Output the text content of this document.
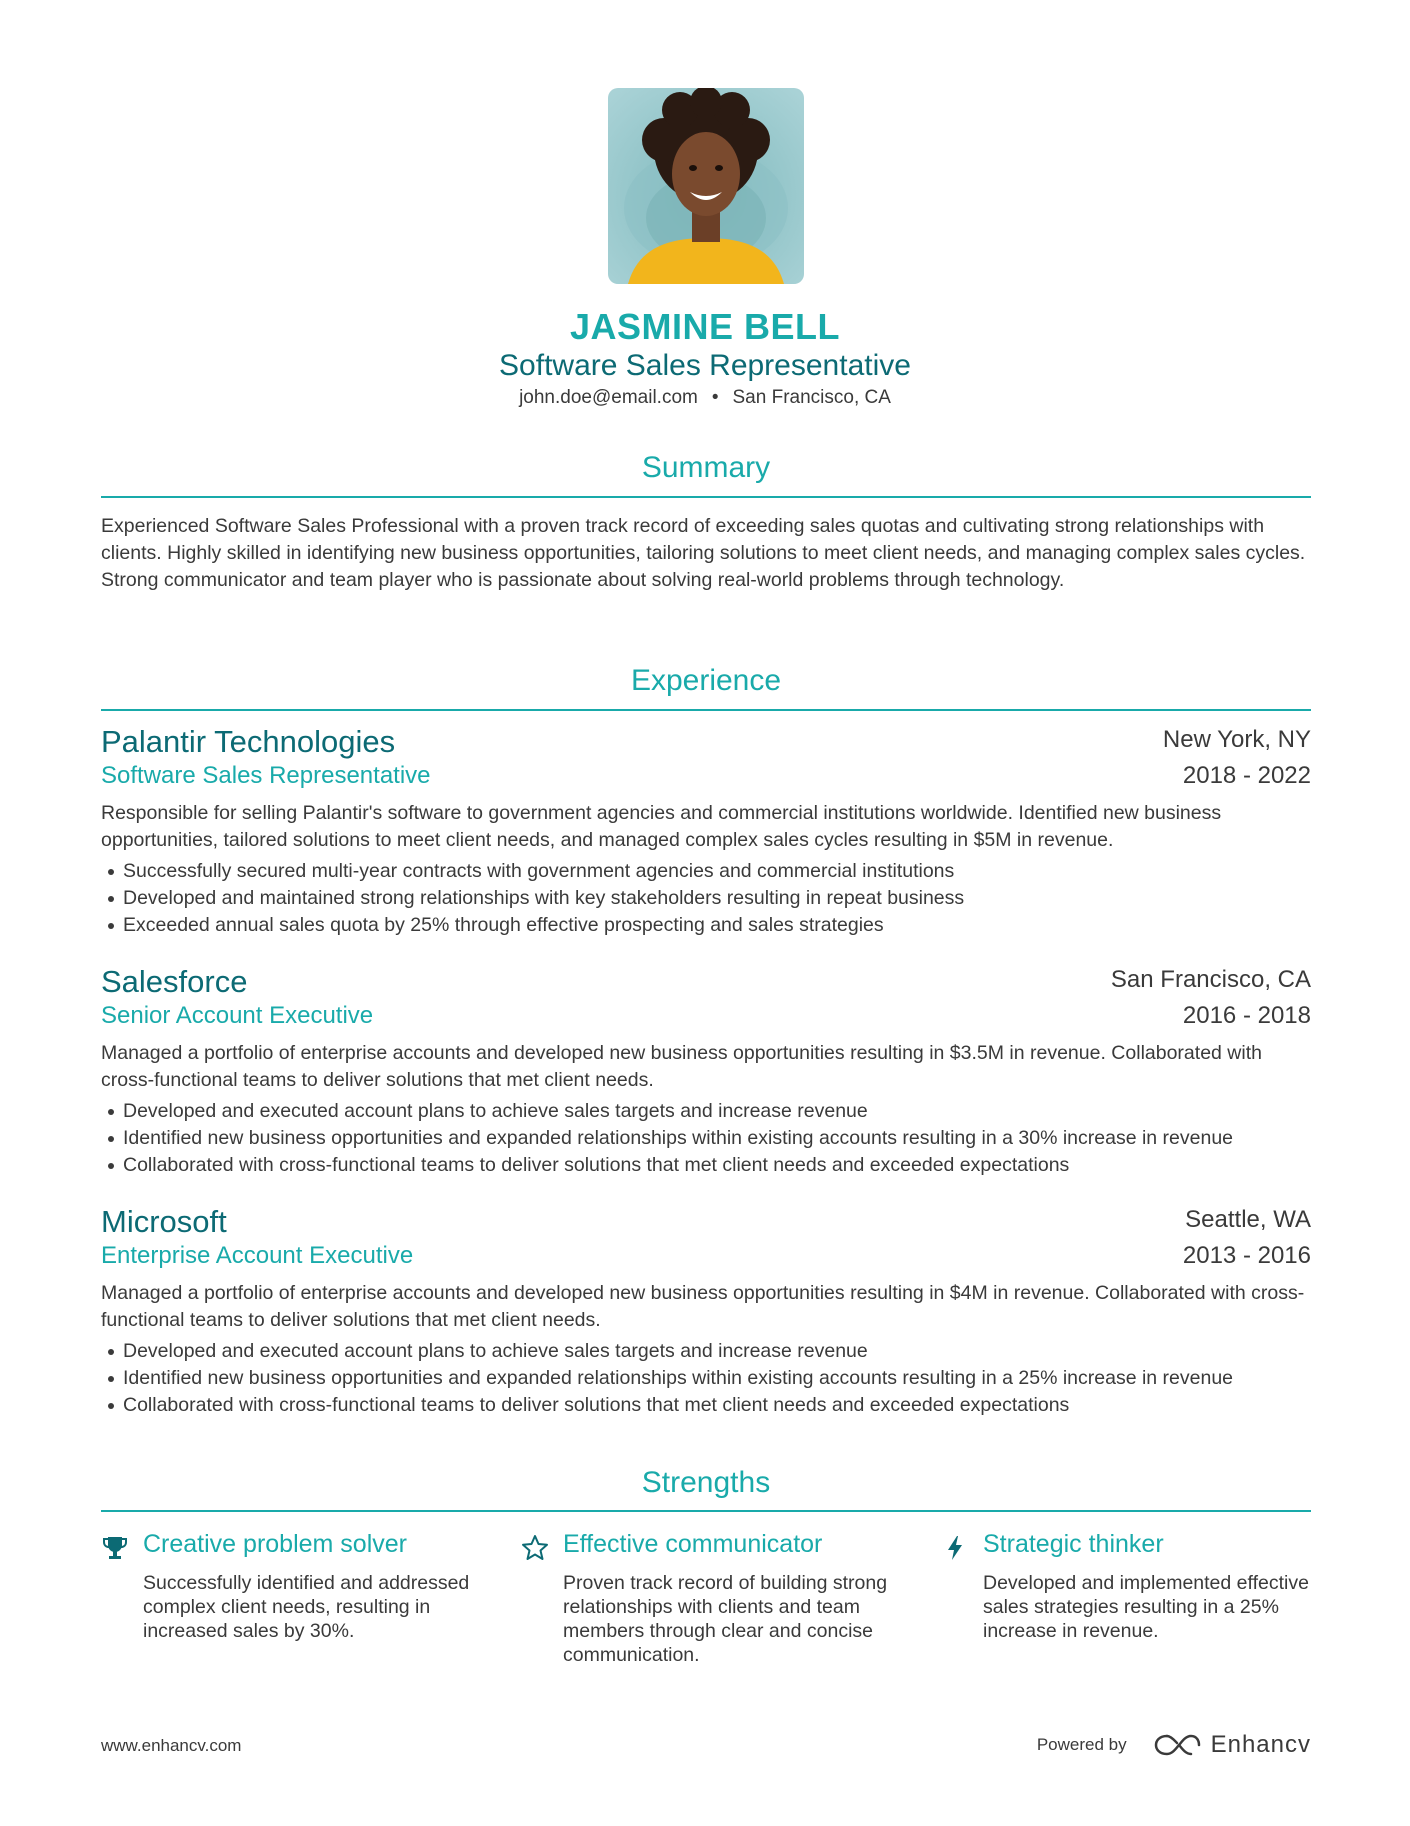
JASMINE BELL
Software Sales Representative
john.doe@email.com • San Francisco, CA
Summary
Experienced Software Sales Professional with a proven track record of exceeding sales quotas and cultivating strong relationships with clients. Highly skilled in identifying new business opportunities, tailoring solutions to meet client needs, and managing complex sales cycles. Strong communicator and team player who is passionate about solving real-world problems through technology.
Experience
Palantir Technologies	New York, NY
Software Sales Representative	2018 - 2022
Responsible for selling Palantir's software to government agencies and commercial institutions worldwide. Identified new business opportunities, tailored solutions to meet client needs, and managed complex sales cycles resulting in $5M in revenue.
Successfully secured multi-year contracts with government agencies and commercial institutions
Developed and maintained strong relationships with key stakeholders resulting in repeat business
Exceeded annual sales quota by 25% through effective prospecting and sales strategies
Salesforce	San Francisco, CA
Senior Account Executive	2016 - 2018
Managed a portfolio of enterprise accounts and developed new business opportunities resulting in $3.5M in revenue. Collaborated with cross-functional teams to deliver solutions that met client needs.
Developed and executed account plans to achieve sales targets and increase revenue
Identified new business opportunities and expanded relationships within existing accounts resulting in a 30% increase in revenue
Collaborated with cross-functional teams to deliver solutions that met client needs and exceeded expectations
Microsoft	Seattle, WA
Enterprise Account Executive	2013 - 2016
Managed a portfolio of enterprise accounts and developed new business opportunities resulting in $4M in revenue. Collaborated with cross-functional teams to deliver solutions that met client needs.
Developed and executed account plans to achieve sales targets and increase revenue
Identified new business opportunities and expanded relationships within existing accounts resulting in a 25% increase in revenue
Collaborated with cross-functional teams to deliver solutions that met client needs and exceeded expectations
Strengths
Creative problem solver
Successfully identified and addressed complex client needs, resulting in increased sales by 30%.
Effective communicator
Proven track record of building strong relationships with clients and team members through clear and concise communication.
Strategic thinker
Developed and implemented effective sales strategies resulting in a 25% increase in revenue.
www.enhancv.com	Powered by	Enhancv
